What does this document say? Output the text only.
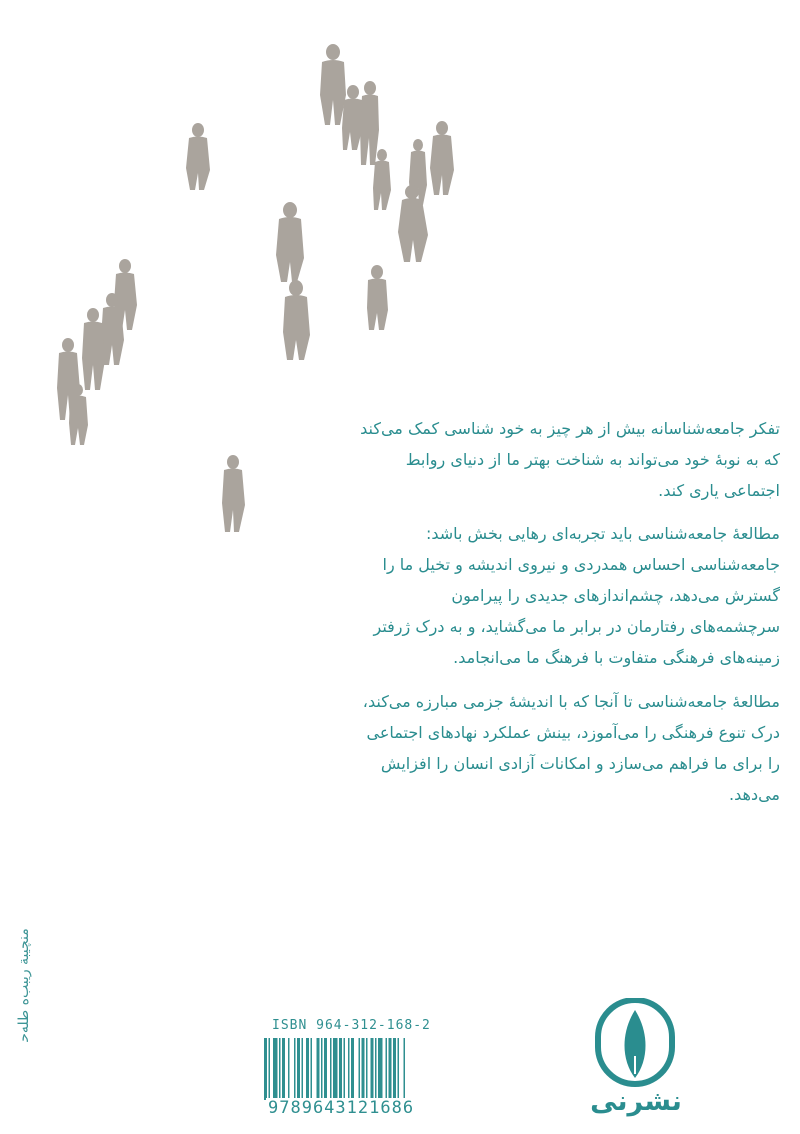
تفکر جامعه‌شناسانه بیش از هر چیز به خود شناسی کمک می‌کند
که به نوبهٔ خود می‌تواند به شناخت بهتر ما از دنیای روابط
اجتماعی یاری کند.
مطالعهٔ جامعه‌شناسی باید تجربه‌ای رهایی بخش باشد:
جامعه‌شناسی احساس همدردی و نیروی اندیشه و تخیل ما را
گسترش می‌دهد، چشم‌اندازهای جدیدی را پیرامون
سرچشمه‌های رفتارمان در برابر ما می‌گشاید، و به درک ژرفتر
زمینه‌های فرهنگی متفاوت با فرهنگ ما می‌انجامد.
مطالعهٔ جامعه‌شناسی تا آنجا که با اندیشهٔ جزمی مبارزه می‌کند،
درک تنوع فرهنگی را می‌آموزد، بینش عملکرد نهادهای اجتماعی
را برای ما فراهم می‌سازد و امکانات آزادی انسان را افزایش
می‌دهد.
ﻣﻨﭽﯿﺒﺔ ﺭﯾﺒﺐﻩ ﻃﻠﻪﺣ	ISBN 964-312-168-2
9789643121686	نشرنی
